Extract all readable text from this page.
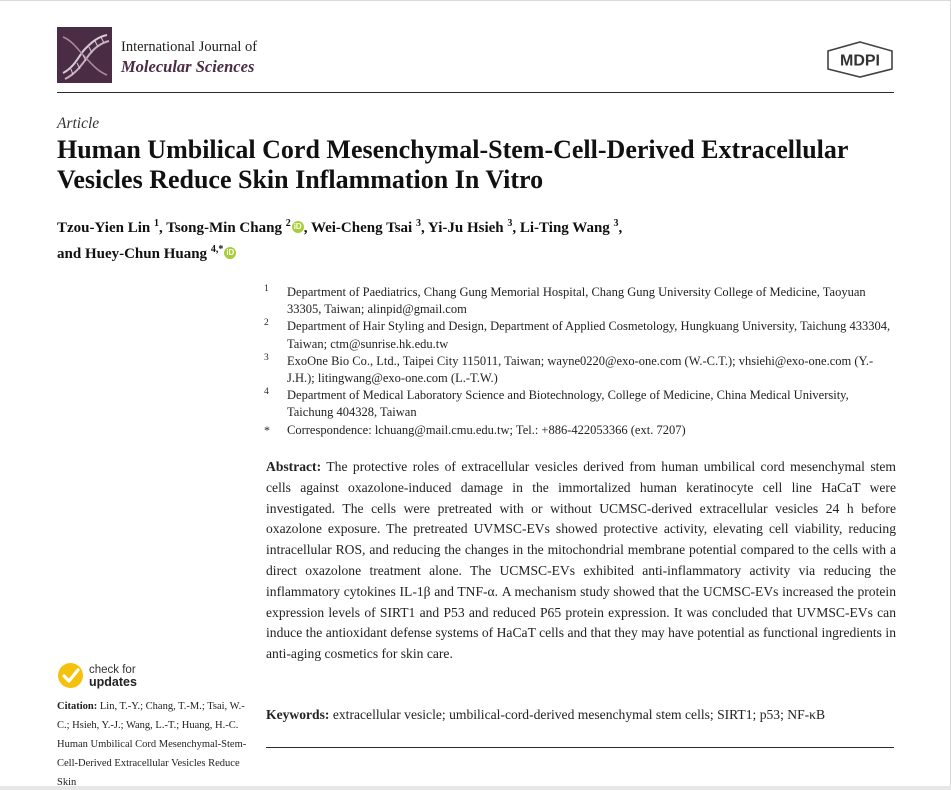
International Journal of
Molecular Sciences	MDPI
Article
Human Umbilical Cord Mesenchymal-Stem-Cell-Derived Extracellular Vesicles Reduce Skin Inflammation In Vitro
Tzou-Yien Lin $^1$, Tsong-Min Chang $^2$ iD , Wei-Cheng Tsai $^3$, Yi-Ju Hsieh $^3$, Li-Ting Wang $^3$,
and Huey-Chun Huang $^{4,*}$ iD
1 Department of Paediatrics, Chang Gung Memorial Hospital, Chang Gung University College of Medicine, Taoyuan 33305, Taiwan; alinpid@gmail.com
2 Department of Hair Styling and Design, Department of Applied Cosmetology, Hungkuang University, Taichung 433304, Taiwan; ctm@sunrise.hk.edu.tw
3 ExoOne Bio Co., Ltd., Taipei City 115011, Taiwan; wayne0220@exo-one.com (W.-C.T.); vhsiehi@exo-one.com (Y.-J.H.); litingwang@exo-one.com (L.-T.W.)
4 Department of Medical Laboratory Science and Biotechnology, College of Medicine, China Medical University, Taichung 404328, Taiwan
* Correspondence: lchuang@mail.cmu.edu.tw; Tel.: +886-422053366 (ext. 7207)
Abstract: The protective roles of extracellular vesicles derived from human umbilical cord mesenchymal stem cells against oxazolone-induced damage in the immortalized human keratinocyte cell line HaCaT were investigated. The cells were pretreated with or without UCMSC-derived extracellular vesicles 24 h before oxazolone exposure. The pretreated UVMSC-EVs showed protective activity, elevating cell viability, reducing intracellular ROS, and reducing the changes in the mitochondrial membrane potential compared to the cells with a direct oxazolone treatment alone. The UCMSC-EVs exhibited anti-inflammatory activity via reducing the inflammatory cytokines IL-1β and TNF-α. A mechanism study showed that the UCMSC-EVs increased the protein expression levels of SIRT1 and P53 and reduced P65 protein expression. It was concluded that UVMSC-EVs can induce the antioxidant defense systems of HaCaT cells and that they may have potential as functional ingredients in anti-aging cosmetics for skin care.
Keywords: extracellular vesicle; umbilical-cord-derived mesenchymal stem cells; SIRT1; p53; NF-κB
check for
updates
Citation: Lin, T.-Y.; Chang, T.-M.; Tsai, W.-C.; Hsieh, Y.-J.; Wang, L.-T.; Huang, H.-C. Human Umbilical Cord Mesenchymal-Stem-Cell-Derived Extracellular Vesicles Reduce Skin
